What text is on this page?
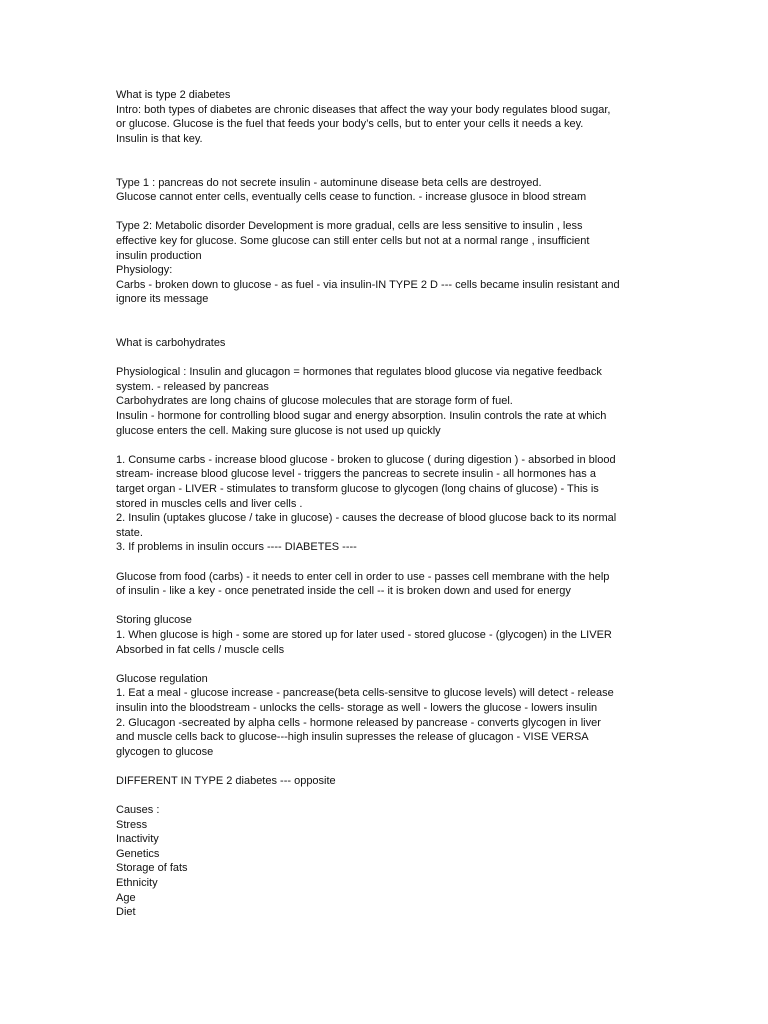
What is type 2 diabetes
Intro: both types of diabetes are chronic diseases that affect the way your body regulates blood sugar,
or glucose. Glucose is the fuel that feeds your body’s cells, but to enter your cells it needs a key.
Insulin is that key.
Type 1 : pancreas do not secrete insulin - autominune disease beta cells are destroyed.
Glucose cannot enter cells, eventually cells cease to function. - increase glusoce in blood stream
Type 2: Metabolic disorder Development is more gradual, cells are less sensitive to insulin , less
effective key for glucose. Some glucose can still enter cells but not at a normal range , insufficient
insulin production
Physiology:
Carbs - broken down to glucose - as fuel - via insulin-IN TYPE 2 D --- cells became insulin resistant and
ignore its message
What is carbohydrates
Physiological : Insulin and glucagon = hormones that regulates blood glucose via negative feedback
system. - released by pancreas
Carbohydrates are long chains of glucose molecules that are storage form of fuel.
Insulin - hormone for controlling blood sugar and energy absorption. Insulin controls the rate at which
glucose enters the cell. Making sure glucose is not used up quickly
1. Consume carbs - increase blood glucose - broken to glucose ( during digestion ) - absorbed in blood
stream- increase blood glucose level - triggers the pancreas to secrete insulin - all hormones has a
target organ - LIVER - stimulates to transform glucose to glycogen (long chains of glucose) - This is
stored in muscles cells and liver cells .
2. Insulin (uptakes glucose / take in glucose) - causes the decrease of blood glucose back to its normal
state.
3. If problems in insulin occurs ---- DIABETES ----
Glucose from food (carbs) - it needs to enter cell in order to use - passes cell membrane with the help
of insulin - like a key - once penetrated inside the cell -- it is broken down and used for energy
Storing glucose
1. When glucose is high - some are stored up for later used - stored glucose - (glycogen) in the LIVER
Absorbed in fat cells / muscle cells
Glucose regulation
1. Eat a meal - glucose increase - pancrease(beta cells-sensitve to glucose levels) will detect - release
insulin into the bloodstream - unlocks the cells- storage as well - lowers the glucose - lowers insulin
2. Glucagon -secreated by alpha cells - hormone released by pancrease - converts glycogen in liver
and muscle cells back to glucose---high insulin supresses the release of glucagon - VISE VERSA
glycogen to glucose
DIFFERENT IN TYPE 2 diabetes --- opposite
Causes :
Stress
Inactivity
Genetics
Storage of fats
Ethnicity
Age
Diet
